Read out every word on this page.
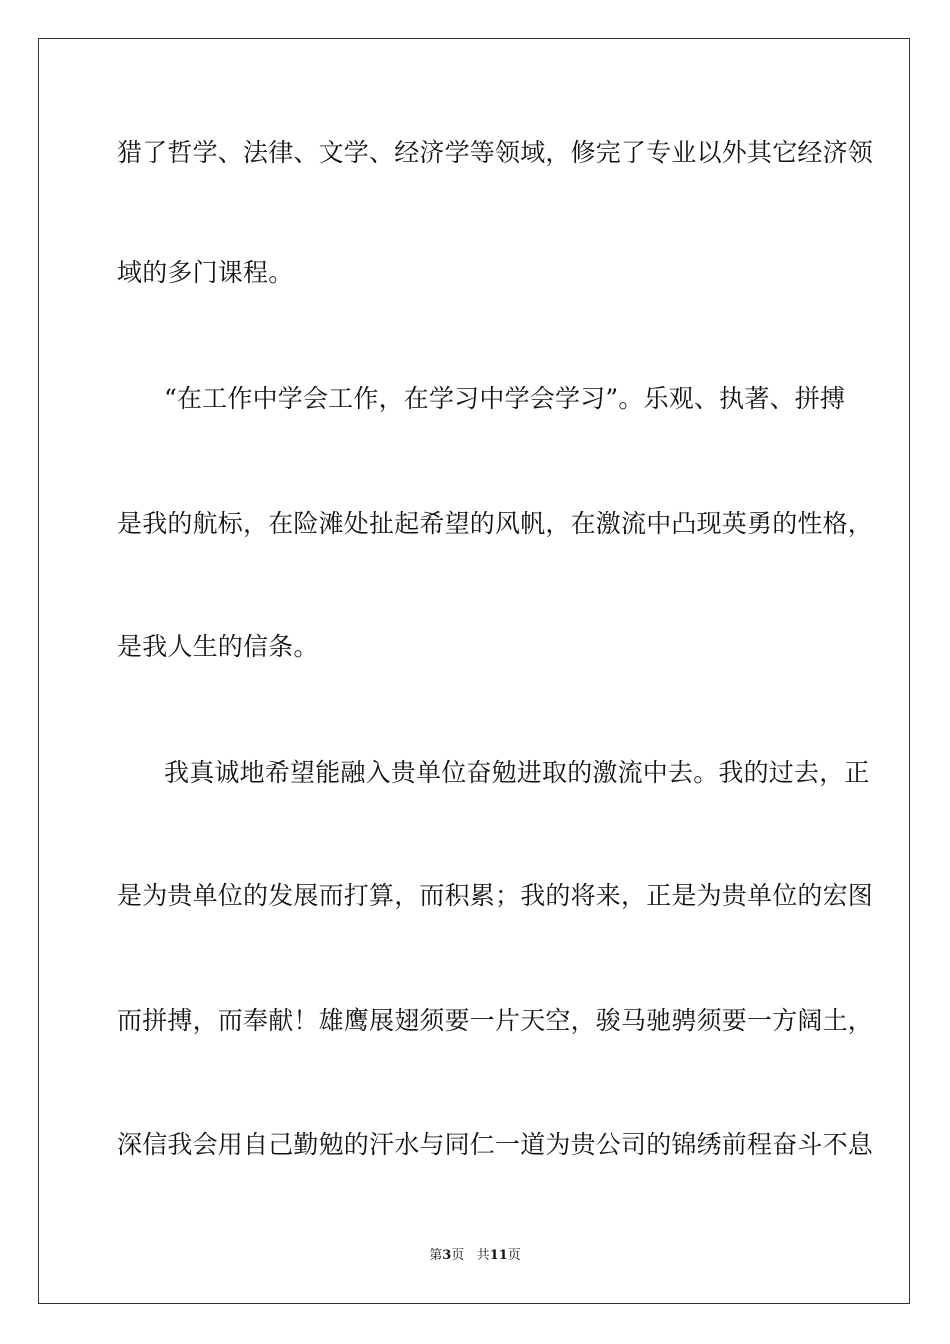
猎了哲学、法律、文学、经济学等领域，修完了专业以外其它经济领
域的多门课程。
“在工作中学会工作，在学习中学会学习”。乐观、执著、拼搏
是我的航标，在险滩处扯起希望的风帆，在激流中凸现英勇的性格，
是我人生的信条。
我真诚地希望能融入贵单位奋勉进取的激流中去。我的过去，正
是为贵单位的发展而打算，而积累；我的将来，正是为贵单位的宏图
而拼搏，而奉献！雄鹰展翅须要一片天空，骏马驰骋须要一方阔土，
深信我会用自己勤勉的汗水与同仁一道为贵公司的锦绣前程奋斗不息
第3页 共11页
